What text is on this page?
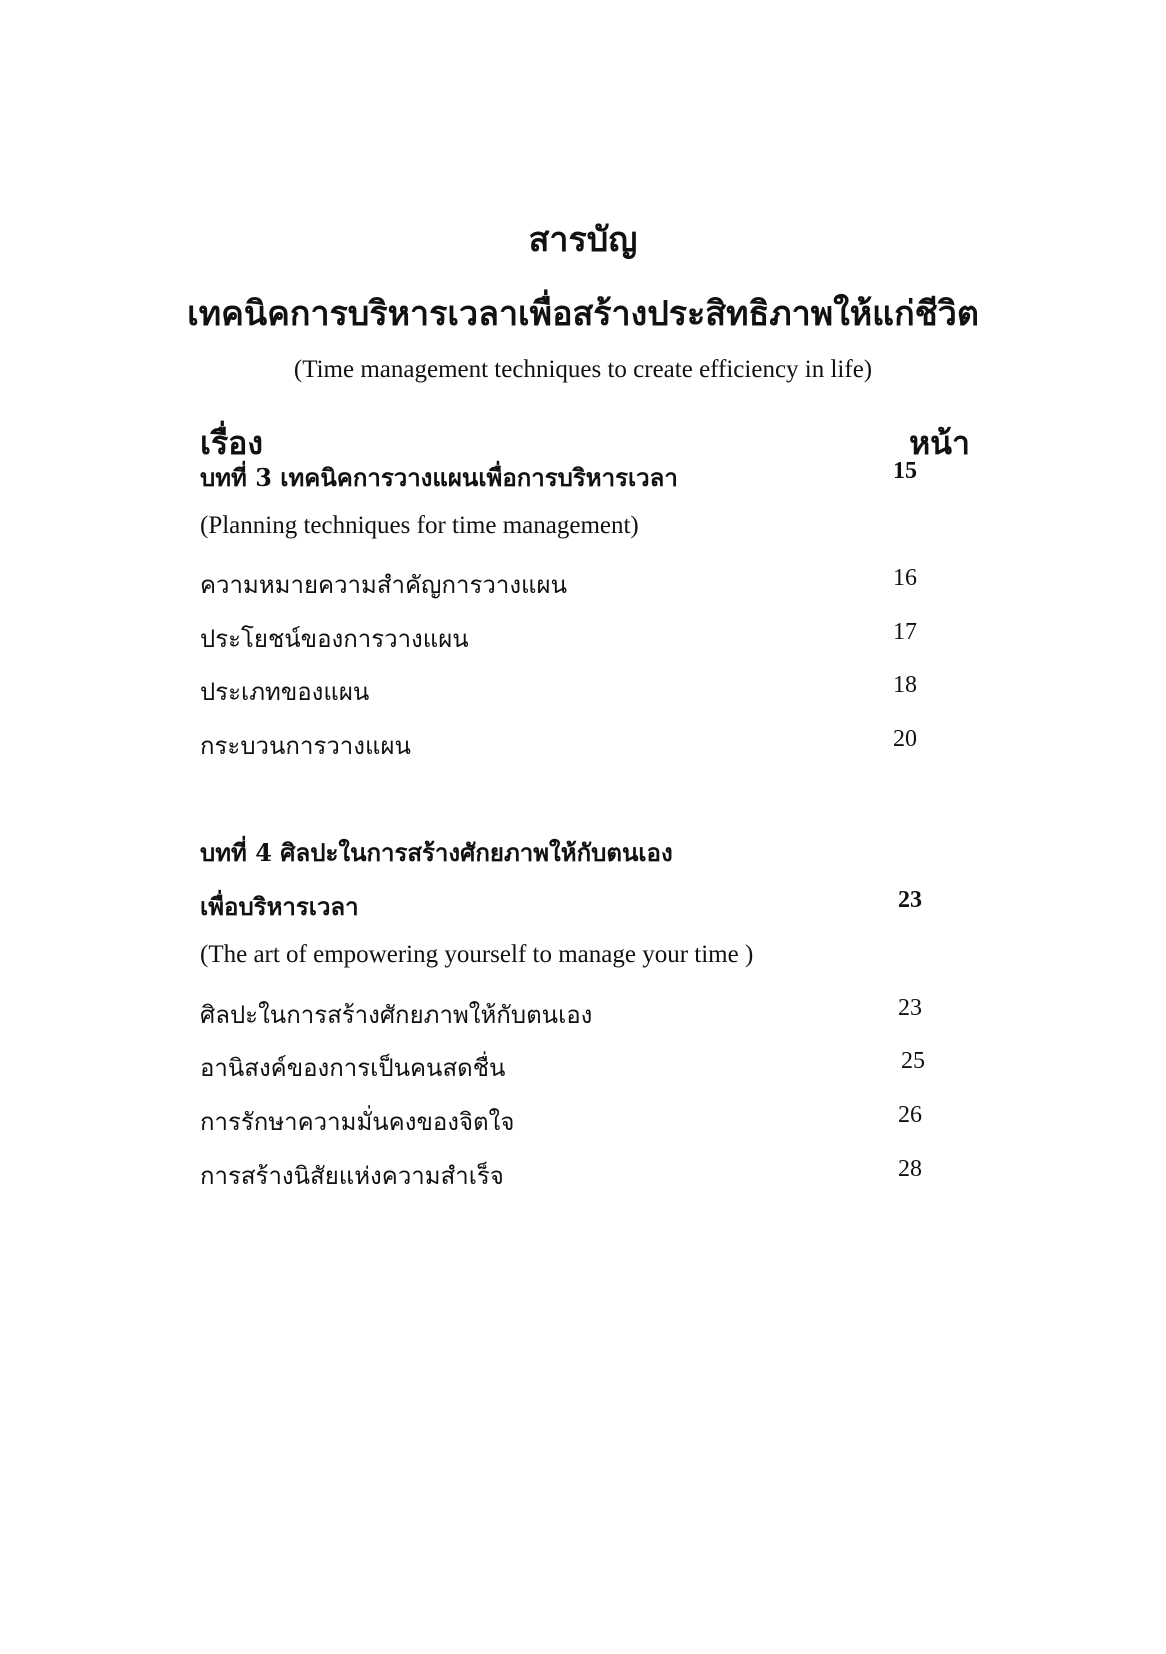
สารบัญ
เทคนิคการบริหารเวลาเพื่อสร้างประสิทธิภาพให้แก่ชีวิต
(Time management techniques to create efficiency in life)
เรื่อง	หน้า
บทที่ 3 เทคนิคการวางแผนเพื่อการบริหารเวลา	15
(Planning techniques for time management)
ความหมายความสำคัญการวางแผน	16
ประโยชน์ของการวางแผน	17
ประเภทของแผน	18
กระบวนการวางแผน	20
บทที่ 4 ศิลปะในการสร้างศักยภาพให้กับตนเอง
เพื่อบริหารเวลา	23
(The art of empowering yourself to manage your time )
ศิลปะในการสร้างศักยภาพให้กับตนเอง	23
อานิสงค์ของการเป็นคนสดชื่น	25
การรักษาความมั่นคงของจิตใจ	26
การสร้างนิสัยแห่งความสำเร็จ	28
